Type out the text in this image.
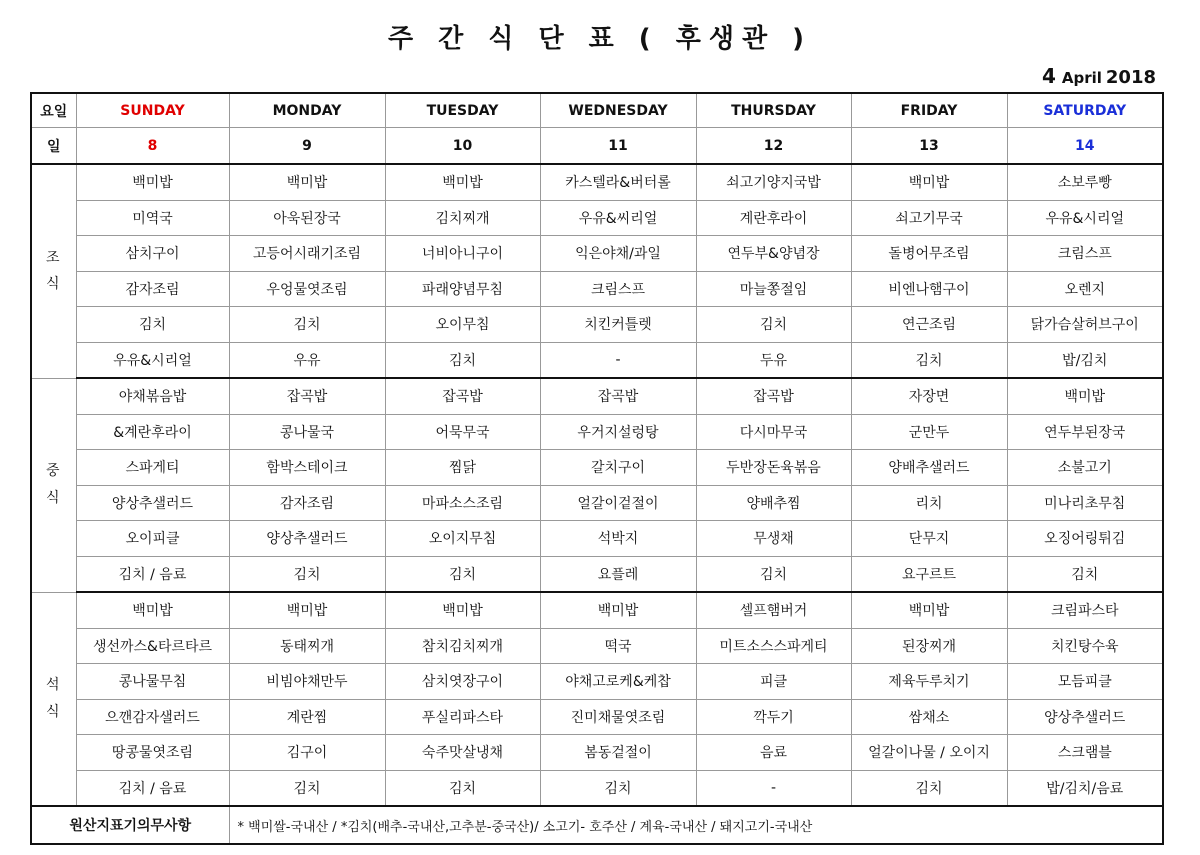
주 간 식 단 표 ( 후생관 )
4 April 2018
요일	SUNDAY	MONDAY	TUESDAY	WEDNESDAY	THURSDAY	FRIDAY	SATURDAY
일	8	9	10	11	12	13	14

조
식	백미밥	백미밥	백미밥	카스텔라&버터롤	쇠고기양지국밥	백미밥	소보루빵
	미역국	아욱된장국	김치찌개	우유&씨리얼	계란후라이	쇠고기무국	우유&시리얼
	삼치구이	고등어시래기조림	너비아니구이	익은야채/과일	연두부&양념장	돌병어무조림	크림스프
	감자조림	우엉물엿조림	파래양념무침	크림스프	마늘쫑절임	비엔나햄구이	오렌지
	김치	김치	오이무침	치킨커틀렛	김치	연근조림	닭가슴살허브구이
	우유&시리얼	우유	김치	-	두유	김치	밥/김치

중
식	야채볶음밥	잡곡밥	잡곡밥	잡곡밥	잡곡밥	자장면	백미밥
	&계란후라이	콩나물국	어묵무국	우거지설렁탕	다시마무국	군만두	연두부된장국
	스파게티	함박스테이크	찜닭	갈치구이	두반장돈육볶음	양배추샐러드	소불고기
	양상추샐러드	감자조림	마파소스조림	얼갈이겉절이	양배추찜	리치	미나리초무침
	오이피클	양상추샐러드	오이지무침	석박지	무생채	단무지	오징어링튀김
	김치 / 음료	김치	김치	요플레	김치	요구르트	김치

석
식	백미밥	백미밥	백미밥	백미밥	셀프햄버거	백미밥	크림파스타
	생선까스&타르타르	동태찌개	참치김치찌개	떡국	미트소스스파게티	된장찌개	치킨탕수육
	콩나물무침	비빔야채만두	삼치엿장구이	야채고로케&케찹	피클	제육두루치기	모듬피클
	으깬감자샐러드	계란찜	푸실리파스타	진미채물엿조림	깍두기	쌈채소	양상추샐러드
	땅콩물엿조림	김구이	숙주맛살냉채	봄동겉절이	음료	얼갈이나물 / 오이지	스크램블
	김치 / 음료	김치	김치	김치	-	김치	밥/김치/음료
원산지표기의무사항		* 백미쌀-국내산 / *김치(배추-국내산,고추분-중국산)/ 소고기- 호주산 / 계육-국내산 / 돼지고기-국내산					
